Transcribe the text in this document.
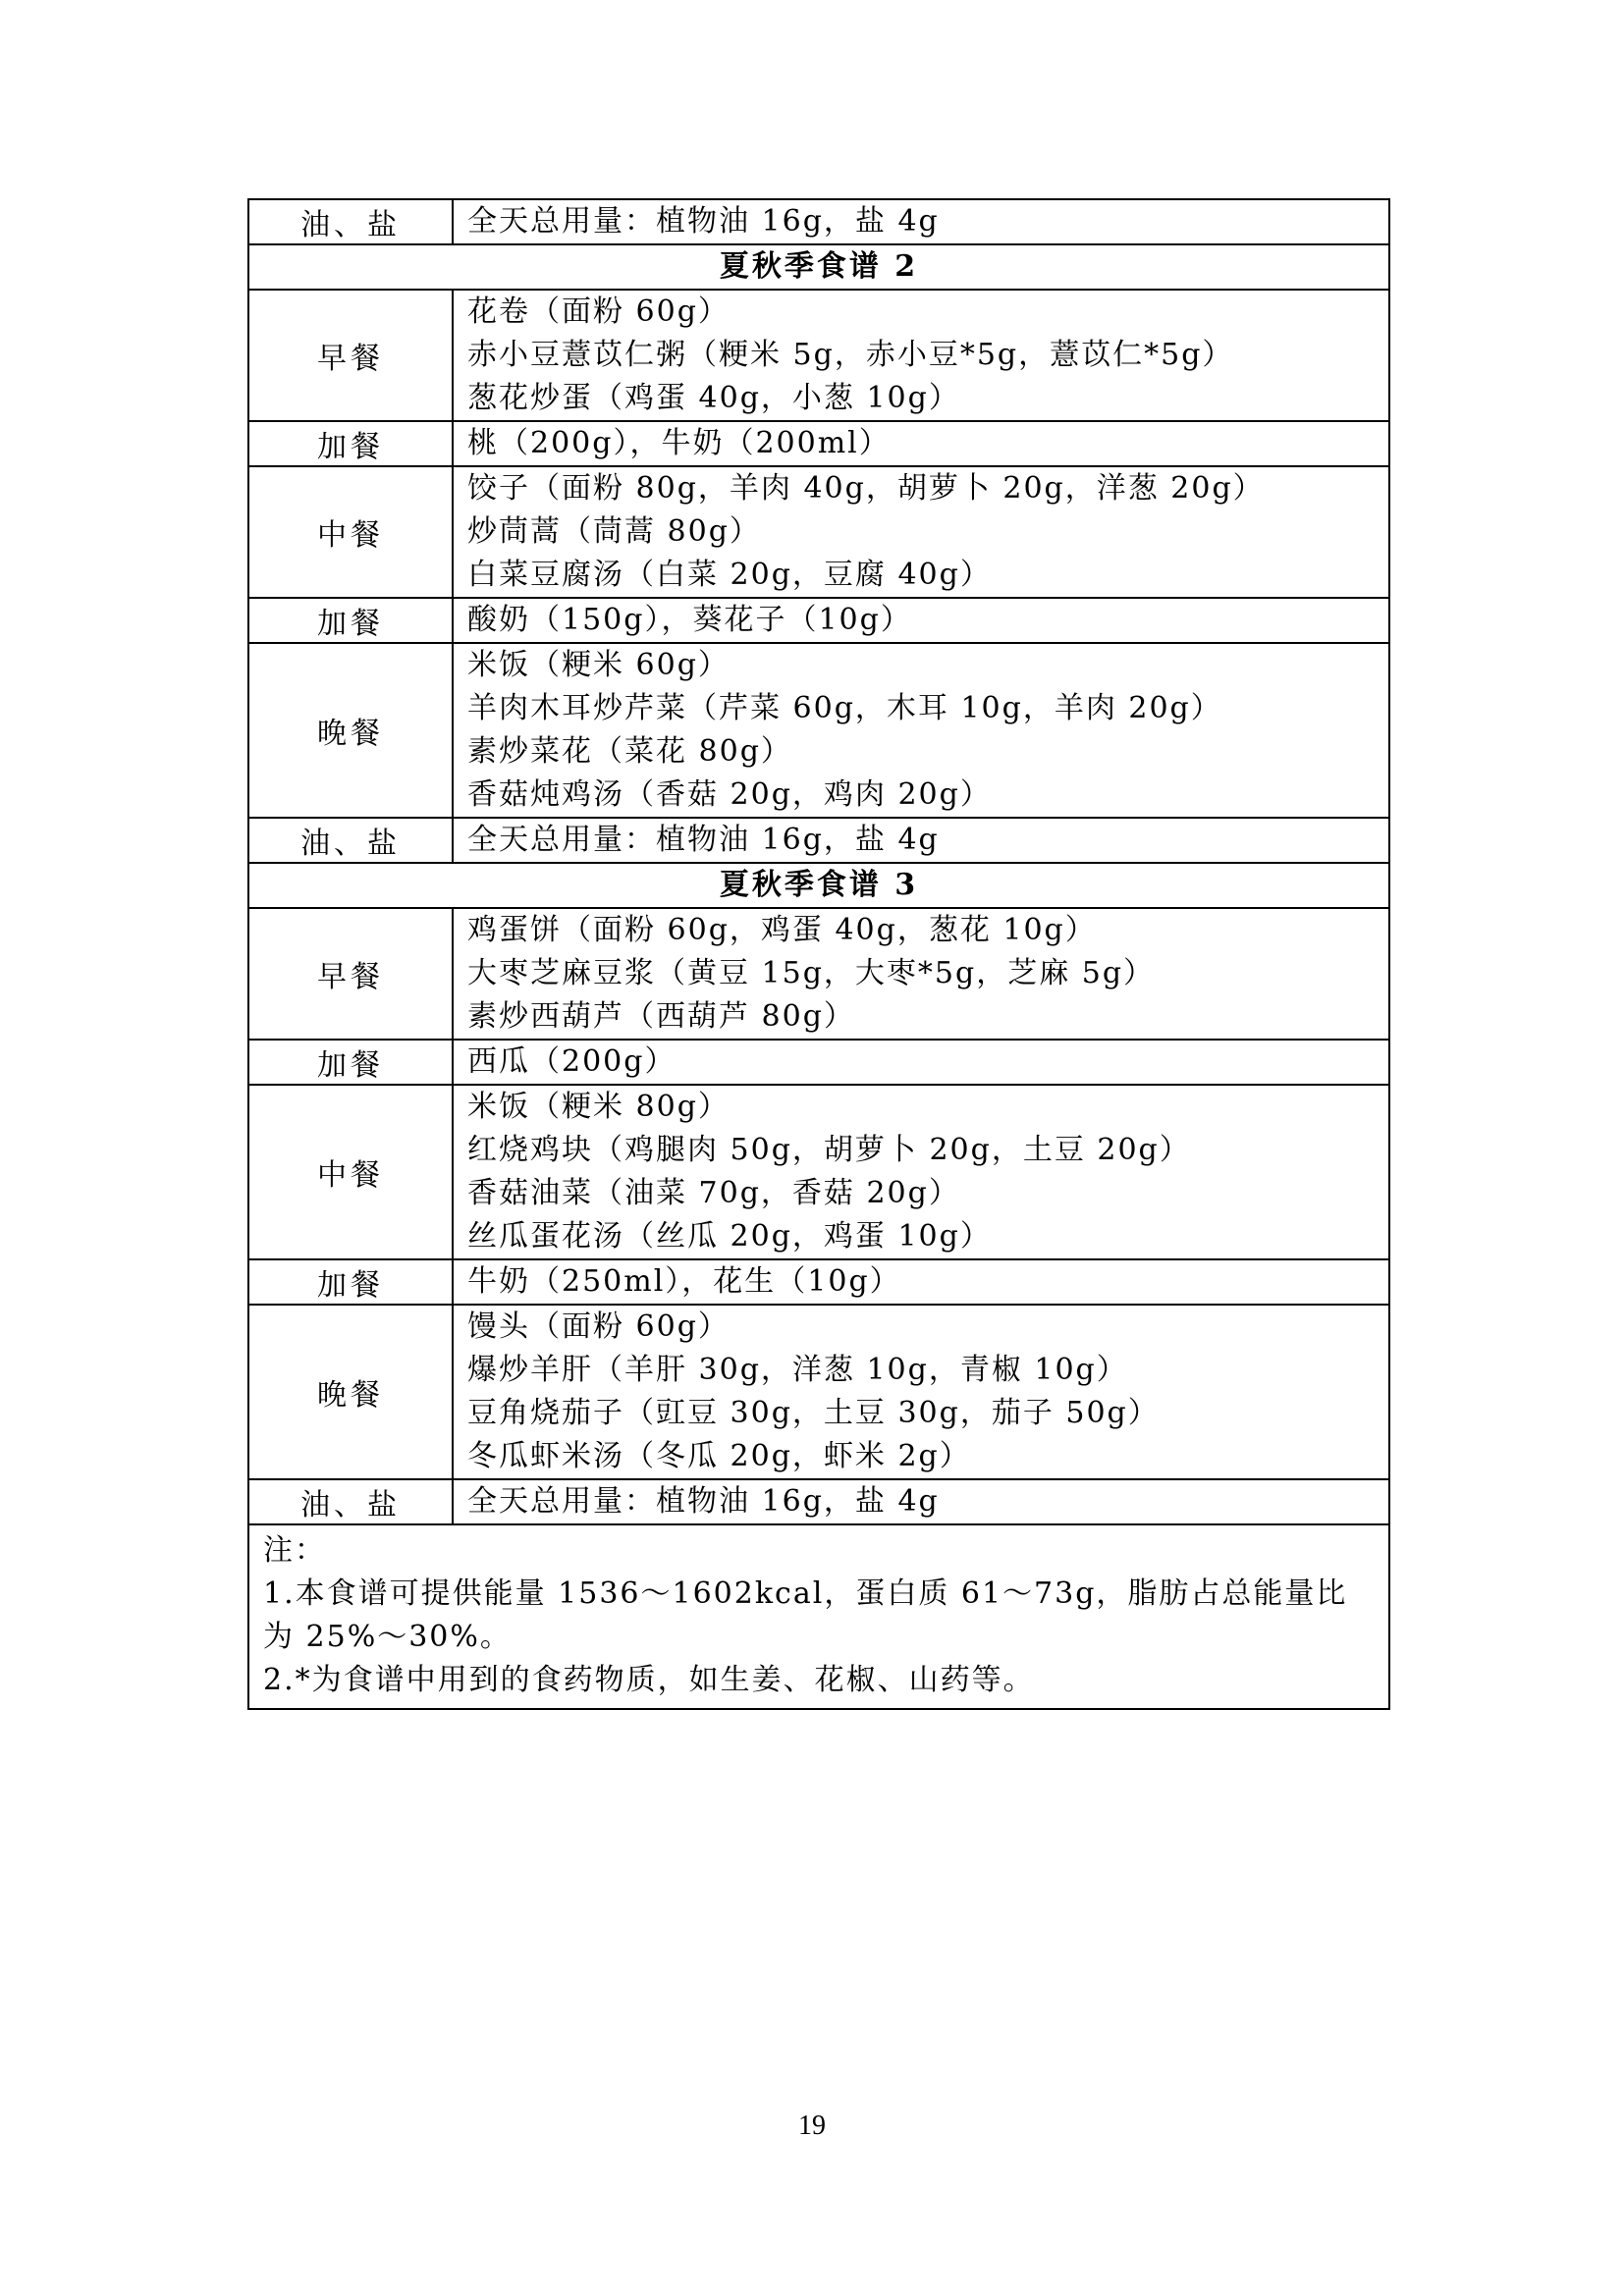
油、盐	全天总用量：植物油 16g，盐 4g

夏秋季食谱 2	
早餐	花卷（面粉 60g）
赤小豆薏苡仁粥（粳米 5g，赤小豆*5g，薏苡仁*5g）
葱花炒蛋（鸡蛋 40g，小葱 10g）

加餐	桃（200g），牛奶（200ml）

中餐	饺子（面粉 80g，羊肉 40g，胡萝卜 20g，洋葱 20g）
炒茼蒿（茼蒿 80g）
白菜豆腐汤（白菜 20g，豆腐 40g）

加餐	酸奶（150g），葵花子（10g）

晚餐	米饭（粳米 60g）
羊肉木耳炒芹菜（芹菜 60g，木耳 10g，羊肉 20g）
素炒菜花（菜花 80g）
香菇炖鸡汤（香菇 20g，鸡肉 20g）

油、盐	全天总用量：植物油 16g，盐 4g

夏秋季食谱 3	
早餐	鸡蛋饼（面粉 60g，鸡蛋 40g，葱花 10g）
大枣芝麻豆浆（黄豆 15g，大枣*5g，芝麻 5g）
素炒西葫芦（西葫芦 80g）

加餐	西瓜（200g）

中餐	米饭（粳米 80g）
红烧鸡块（鸡腿肉 50g，胡萝卜 20g，土豆 20g）
香菇油菜（油菜 70g，香菇 20g）
丝瓜蛋花汤（丝瓜 20g，鸡蛋 10g）

加餐	牛奶（250ml），花生（10g）

晚餐	馒头（面粉 60g）
爆炒羊肝（羊肝 30g，洋葱 10g，青椒 10g）
豆角烧茄子（豇豆 30g，土豆 30g，茄子 50g）
冬瓜虾米汤（冬瓜 20g，虾米 2g）

油、盐	全天总用量：植物油 16g，盐 4g

注：
1.本食谱可提供能量 1536～1602kcal，蛋白质 61～73g，脂肪占总能量比为 25%～30%。
2.*为食谱中用到的食药物质，如生姜、花椒、山药等。	
19
